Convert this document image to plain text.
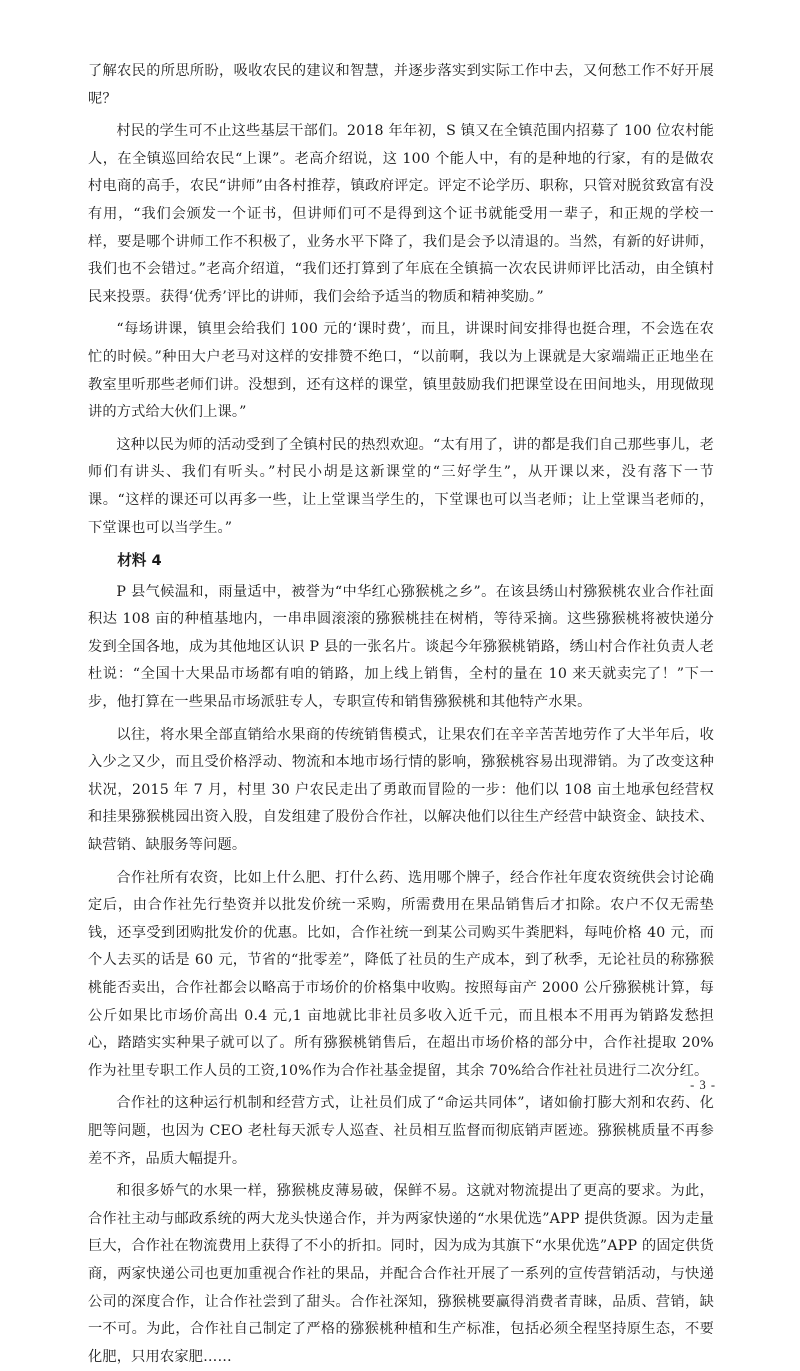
了解农民的所思所盼，吸收农民的建议和智慧，并逐步落实到实际工作中去，又何愁工作不好开展呢？

村民的学生可不止这些基层干部们。2018 年年初，S 镇又在全镇范围内招募了 100 位农村能人，在全镇巡回给农民“上课”。老高介绍说，这 100 个能人中，有的是种地的行家，有的是做农村电商的高手，农民“讲师”由各村推荐，镇政府评定。评定不论学历、职称，只管对脱贫致富有没有用，“我们会颁发一个证书，但讲师们可不是得到这个证书就能受用一辈子，和正规的学校一样，要是哪个讲师工作不积极了，业务水平下降了，我们是会予以清退的。当然，有新的好讲师，我们也不会错过。”老高介绍道，“我们还打算到了年底在全镇搞一次农民讲师评比活动，由全镇村民来投票。获得‘优秀’评比的讲师，我们会给予适当的物质和精神奖励。”

“每场讲课，镇里会给我们 100 元的‘课时费’，而且，讲课时间安排得也挺合理，不会选在农忙的时候。”种田大户老马对这样的安排赞不绝口，“以前啊，我以为上课就是大家端端正正地坐在教室里听那些老师们讲。没想到，还有这样的课堂，镇里鼓励我们把课堂设在田间地头，用现做现讲的方式给大伙们上课。”

这种以民为师的活动受到了全镇村民的热烈欢迎。“太有用了，讲的都是我们自己那些事儿，老师们有讲头、我们有听头。”村民小胡是这新课堂的“三好学生”，从开课以来，没有落下一节课。“这样的课还可以再多一些，让上堂课当学生的，下堂课也可以当老师；让上堂课当老师的，下堂课也可以当学生。”

材料 4

P 县气候温和，雨量适中，被誉为“中华红心猕猴桃之乡”。在该县绣山村猕猴桃农业合作社面积达 108 亩的种植基地内，一串串圆滚滚的猕猴桃挂在树梢，等待采摘。这些猕猴桃将被快递分发到全国各地，成为其他地区认识 P 县的一张名片。谈起今年猕猴桃销路，绣山村合作社负责人老杜说：“全国十大果品市场都有咱的销路，加上线上销售，全村的量在 10 来天就卖完了！”下一步，他打算在一些果品市场派驻专人，专职宣传和销售猕猴桃和其他特产水果。

以往，将水果全部直销给水果商的传统销售模式，让果农们在辛辛苦苦地劳作了大半年后，收入少之又少，而且受价格浮动、物流和本地市场行情的影响，猕猴桃容易出现滞销。为了改变这种状况，2015 年 7 月，村里 30 户农民走出了勇敢而冒险的一步：他们以 108 亩土地承包经营权和挂果猕猴桃园出资入股，自发组建了股份合作社，以解决他们以往生产经营中缺资金、缺技术、缺营销、缺服务等问题。

合作社所有农资，比如上什么肥、打什么药、选用哪个牌子，经合作社年度农资统供会讨论确定后，由合作社先行垫资并以批发价统一采购，所需费用在果品销售后才扣除。农户不仅无需垫钱，还享受到团购批发价的优惠。比如，合作社统一到某公司购买牛粪肥料，每吨价格 40 元，而个人去买的话是 60 元，节省的“批零差”，降低了社员的生产成本，到了秋季，无论社员的称猕猴桃能否卖出，合作社都会以略高于市场价的价格集中收购。按照每亩产 2000 公斤猕猴桃计算，每公斤如果比市场价高出 0.4 元,1 亩地就比非社员多收入近千元，而且根本不用再为销路发愁担心，踏踏实实种果子就可以了。所有猕猴桃销售后，在超出市场价格的部分中，合作社提取 20%作为社里专职工作人员的工资,10%作为合作社基金提留，其余 70%给合作社社员进行二次分红。

合作社的这种运行机制和经营方式，让社员们成了“命运共同体”，诸如偷打膨大剂和农药、化肥等问题，也因为 CEO 老杜每天派专人巡查、社员相互监督而彻底销声匿迹。猕猴桃质量不再参差不齐，品质大幅提升。

和很多娇气的水果一样，猕猴桃皮薄易破，保鲜不易。这就对物流提出了更高的要求。为此，合作社主动与邮政系统的两大龙头快递合作，并为两家快递的“水果优选”APP 提供货源。因为走量巨大，合作社在物流费用上获得了不小的折扣。同时，因为成为其旗下“水果优选”APP 的固定供货商，两家快递公司也更加重视合作社的果品，并配合合作社开展了一系列的宣传营销活动，与快递公司的深度合作，让合作社尝到了甜头。合作社深知，猕猴桃要赢得消费者青睐，品质、营销，缺一不可。为此，合作社自己制定了严格的猕猴桃种植和生产标准，包括必须全程坚持原生态，不要化肥，只用农家肥……

- 3 -
